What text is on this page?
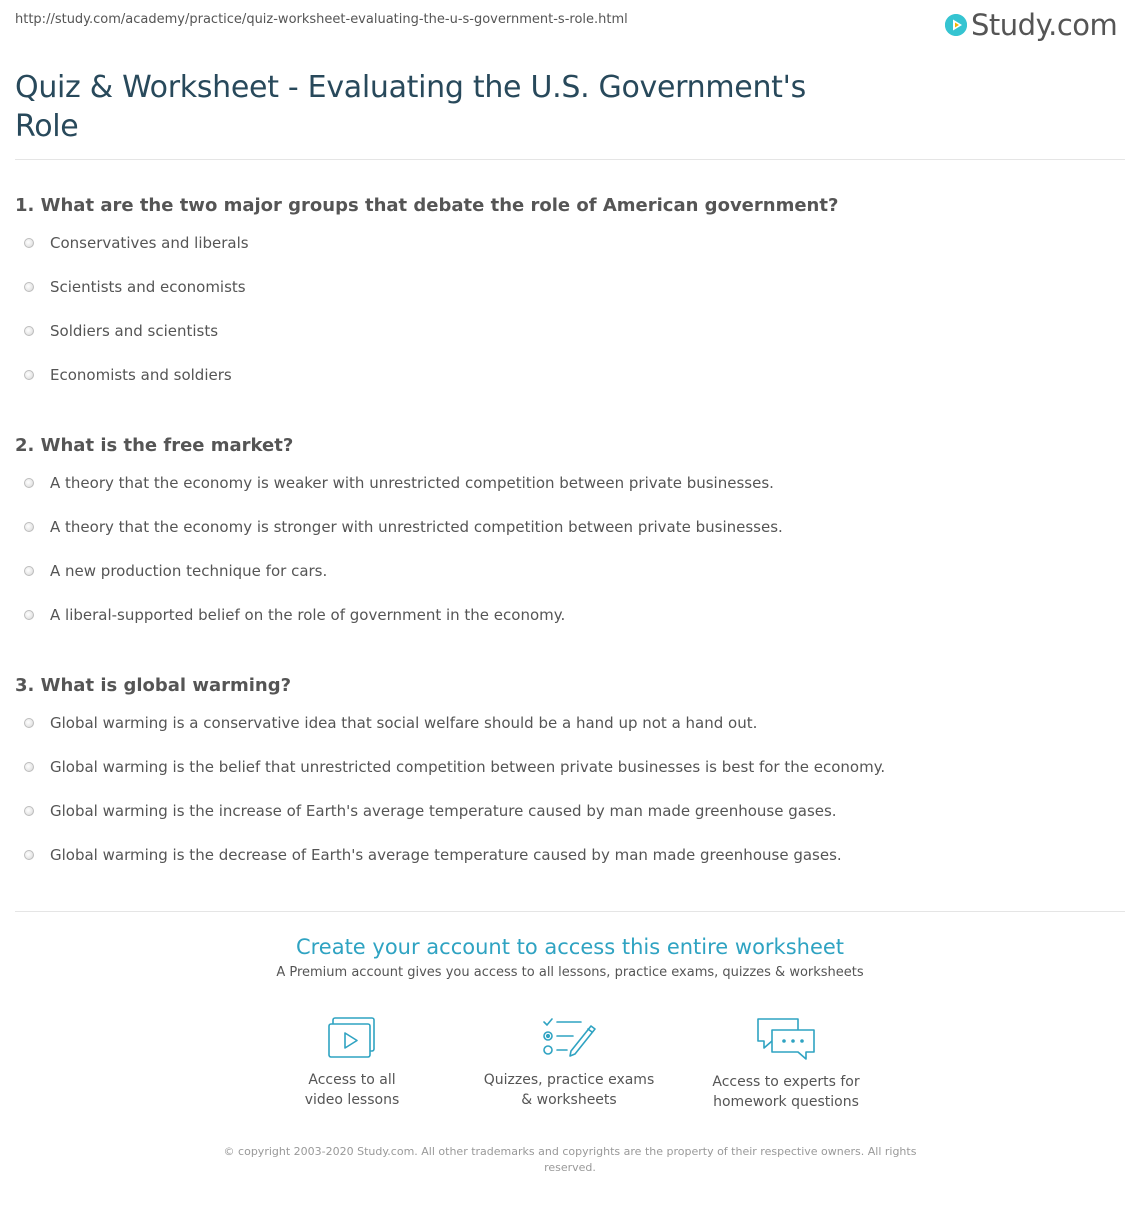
http://study.com/academy/practice/quiz-worksheet-evaluating-the-u-s-government-s-role.html	Study.com
Quiz & Worksheet - Evaluating the U.S. Government's Role

1. What are the two major groups that debate the role of American government?

Conservatives and liberals
Scientists and economists
Soldiers and scientists
Economists and soldiers

2. What is the free market?

A theory that the economy is weaker with unrestricted competition between private businesses.
A theory that the economy is stronger with unrestricted competition between private businesses.
A new production technique for cars.
A liberal-supported belief on the role of government in the economy.

3. What is global warming?

Global warming is a conservative idea that social welfare should be a hand up not a hand out.
Global warming is the belief that unrestricted competition between private businesses is best for the economy.
Global warming is the increase of Earth's average temperature caused by man made greenhouse gases.
Global warming is the decrease of Earth's average temperature caused by man made greenhouse gases.

Create your account to access this entire worksheet

A Premium account gives you access to all lessons, practice exams, quizzes & worksheets
Access to all
video lessons
Quizzes, practice exams
& worksheets
Access to experts for
homework questions
© copyright 2003-2020 Study.com. All other trademarks and copyrights are the property of their respective owners. All rights reserved.
